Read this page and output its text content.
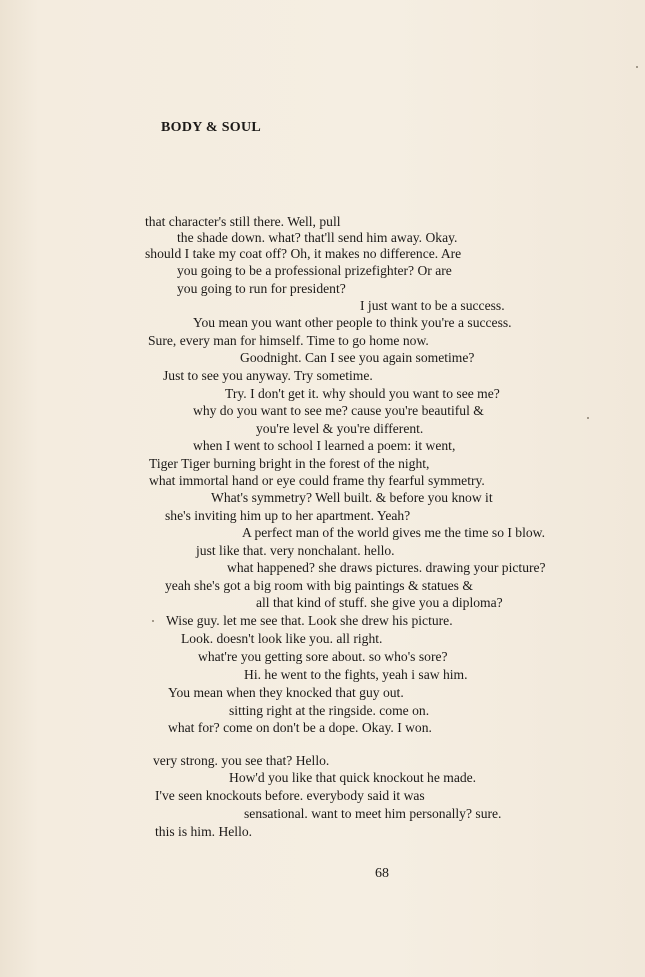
BODY & SOUL
that character's still there. Well, pull
the shade down. what? that'll send him away. Okay.
should I take my coat off? Oh, it makes no difference. Are
you going to be a professional prizefighter? Or are
you going to run for president?
I just want to be a success.
You mean you want other people to think you're a success.
Sure, every man for himself. Time to go home now.
Goodnight. Can I see you again sometime?
Just to see you anyway. Try sometime.
Try. I don't get it. why should you want to see me?
why do you want to see me? cause you're beautiful &
you're level & you're different.
when I went to school I learned a poem: it went,
Tiger Tiger burning bright in the forest of the night,
what immortal hand or eye could frame thy fearful symmetry.
What's symmetry? Well built. & before you know it
she's inviting him up to her apartment. Yeah?
A perfect man of the world gives me the time so I blow.
just like that. very nonchalant. hello.
what happened? she draws pictures. drawing your picture?
yeah she's got a big room with big paintings & statues &
all that kind of stuff. she give you a diploma?
Wise guy. let me see that. Look she drew his picture.
Look. doesn't look like you. all right.
what're you getting sore about. so who's sore?
Hi. he went to the fights, yeah i saw him.
You mean when they knocked that guy out.
sitting right at the ringside. come on.
what for? come on don't be a dope. Okay. I won.
very strong. you see that? Hello.
How'd you like that quick knockout he made.
I've seen knockouts before. everybody said it was
sensational. want to meet him personally? sure.
this is him. Hello.
68
